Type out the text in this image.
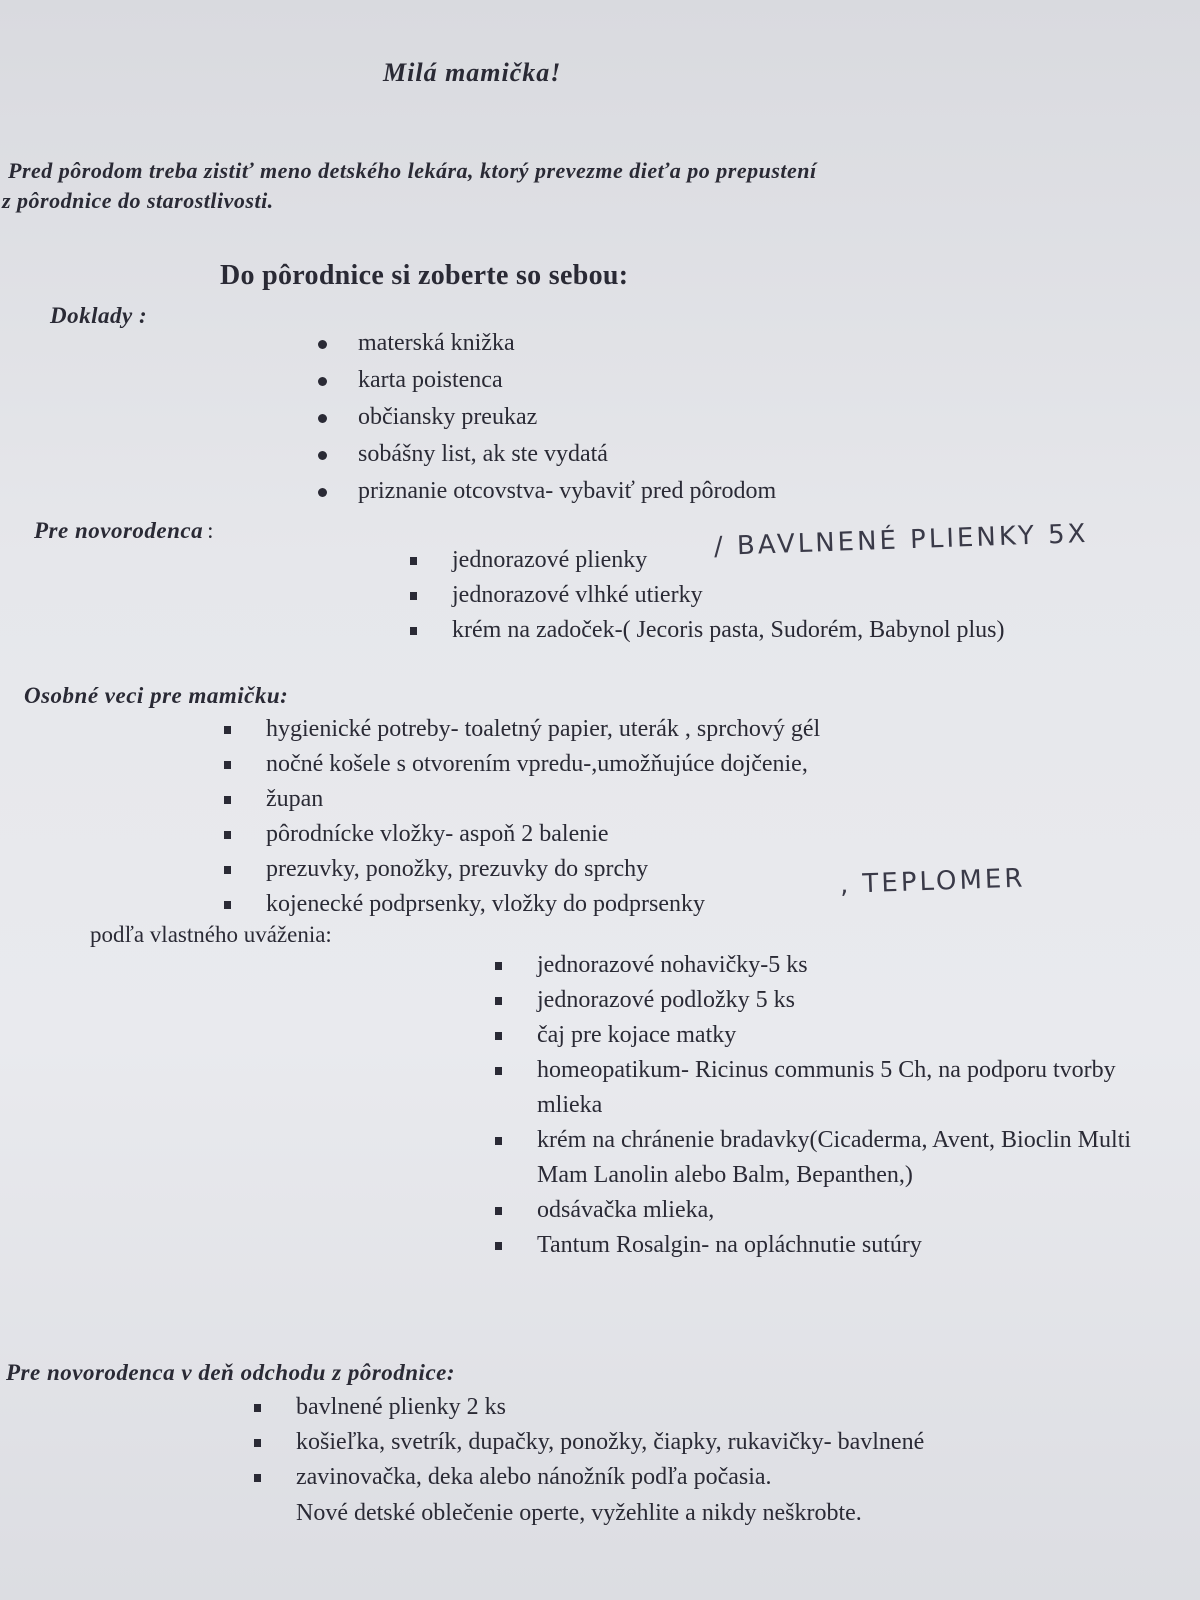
Milá mamička!
Pred pôrodom treba zistiť meno detského lekára, ktorý prevezme dieťa po prepustení
z pôrodnice do starostlivosti.
Do pôrodnice si zoberte so sebou:
Doklady :
materská knižka
karta poistenca
občiansky preukaz
sobášny list, ak ste vydatá
priznanie otcovstva- vybaviť pred pôrodom
Pre novorodenca :
jednorazové plienky
jednorazové vlhké utierky
krém na zadoček-( Jecoris pasta, Sudorém, Babynol plus)
/ BAVLNENÉ PLIENKY 5X
Osobné veci pre mamičku:
hygienické potreby- toaletný papier, uterák , sprchový gél
nočné košele s otvorením vpredu-,umožňujúce dojčenie,
župan
pôrodnícke vložky- aspoň 2 balenie
prezuvky, ponožky, prezuvky do sprchy
kojenecké podprsenky, vložky do podprsenky
, TEPLOMER
podľa vlastného uváženia:
jednorazové nohavičky-5 ks
jednorazové podložky 5 ks
čaj pre kojace matky
homeopatikum- Ricinus communis 5 Ch, na podporu tvorby mlieka
krém na chránenie bradavky(Cicaderma, Avent, Bioclin Multi Mam Lanolin alebo Balm, Bepanthen,)
odsávačka mlieka,
Tantum Rosalgin- na opláchnutie sutúry
Pre novorodenca v deň odchodu z pôrodnice:
bavlnené plienky 2 ks
košieľka, svetrík, dupačky, ponožky, čiapky, rukavičky- bavlnené
zavinovačka, deka alebo nánožník podľa počasia.
Nové detské oblečenie operte, vyžehlite a nikdy neškrobte.
